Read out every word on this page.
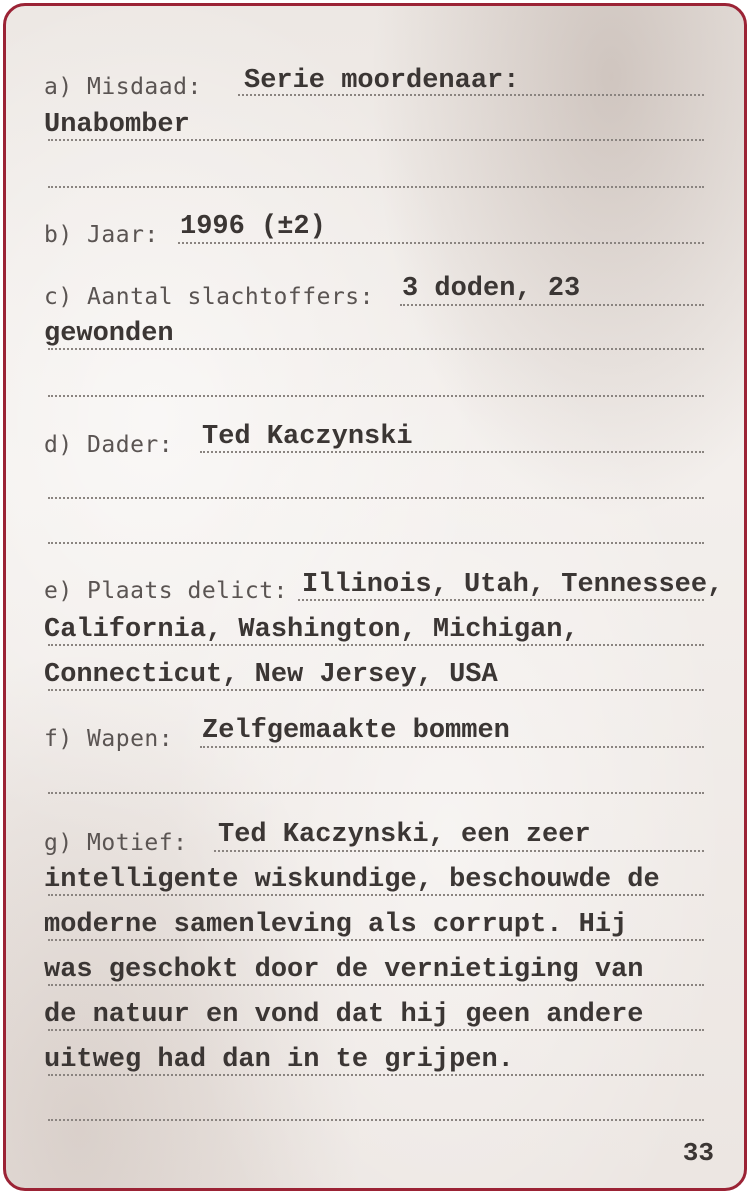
a) Misdaad: Serie moordenaar:
Unabomber
b) Jaar: 1996 (±2)
c) Aantal slachtoffers: 3 doden, 23
gewonden
d) Dader: Ted Kaczynski
e) Plaats delict: Illinois, Utah, Tennessee,
California, Washington, Michigan,
Connecticut, New Jersey, USA
f) Wapen: Zelfgemaakte bommen
g) Motief: Ted Kaczynski, een zeer
intelligente wiskundige, beschouwde de
moderne samenleving als corrupt. Hij
was geschokt door de vernietiging van
de natuur en vond dat hij geen andere
uitweg had dan in te grijpen.
33
